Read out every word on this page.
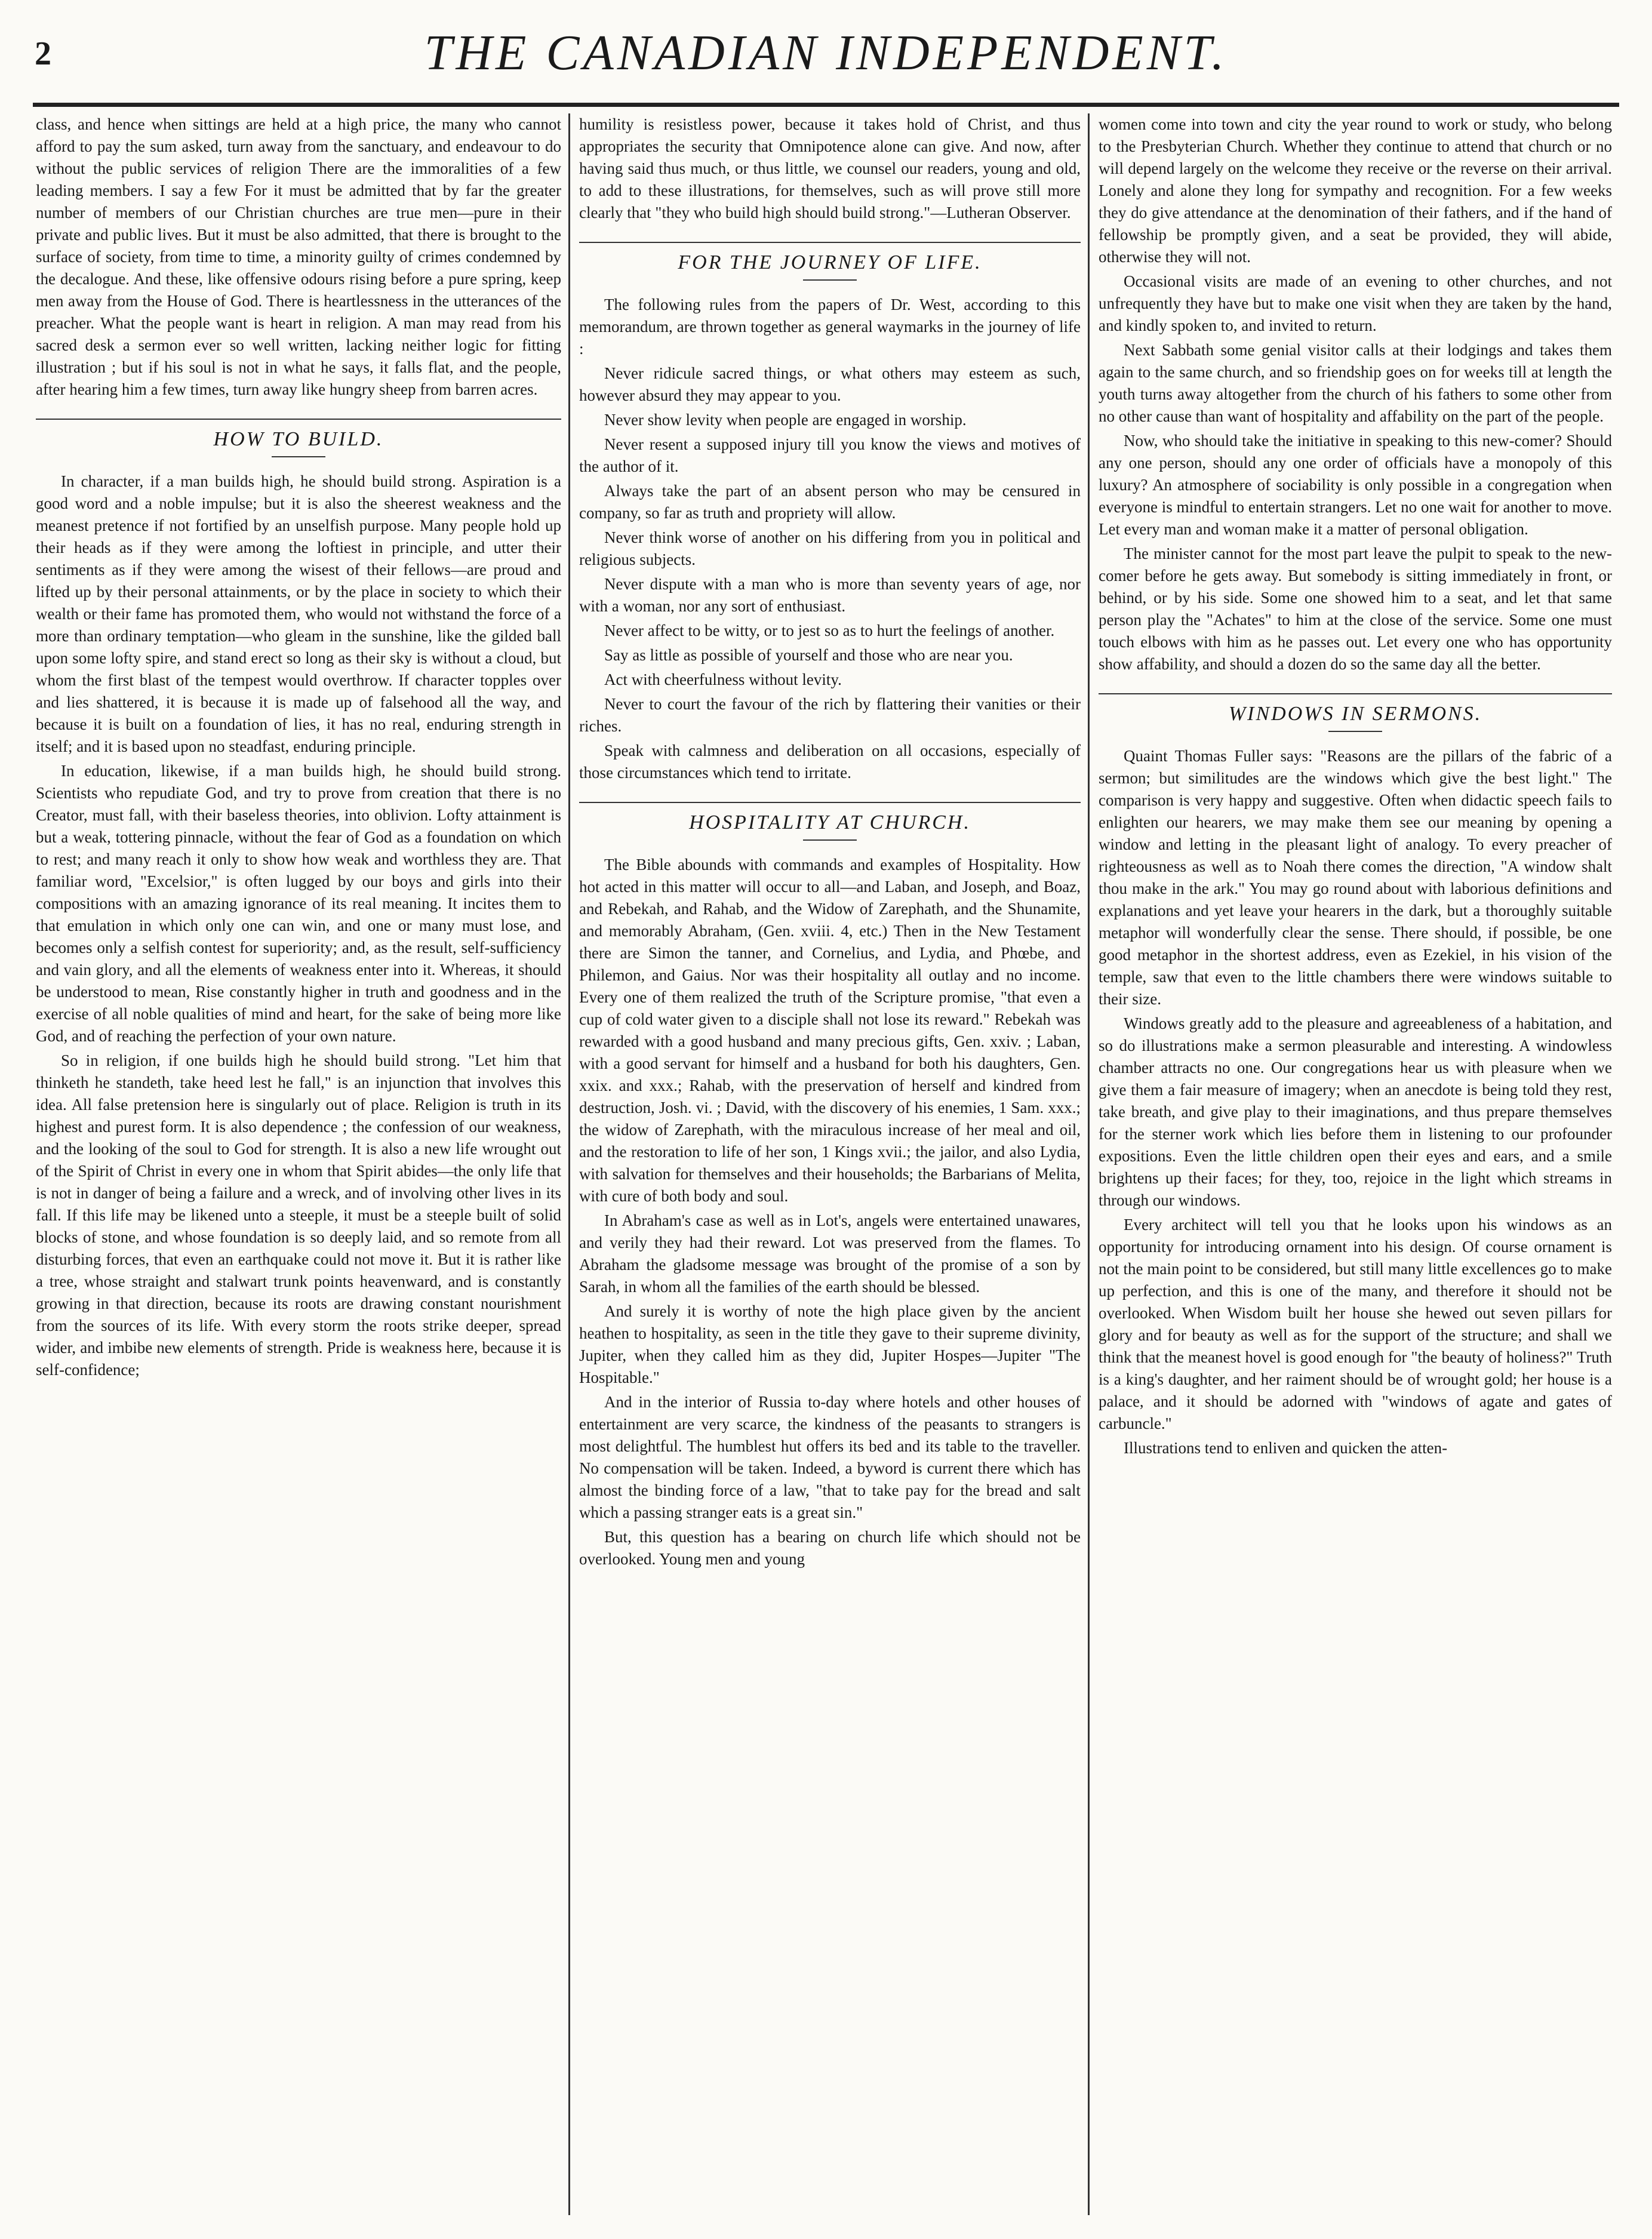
2	THE CANADIAN INDEPENDENT.

class, and hence when sittings are held at a high price, the many who cannot afford to pay the sum asked, turn away from the sanctuary, and endeavour to do without the public services of religion There are the immoralities of a few leading members. I say a few For it must be admitted that by far the greater number of members of our Christian churches are true men—pure in their private and public lives. But it must be also admitted, that there is brought to the surface of society, from time to time, a minority guilty of crimes condemned by the decalogue. And these, like offensive odours rising before a pure spring, keep men away from the House of God. There is heartlessness in the utterances of the preacher. What the people want is heart in religion. A man may read from his sacred desk a sermon ever so well written, lacking neither logic for fitting illustration ; but if his soul is not in what he says, it falls flat, and the people, after hearing him a few times, turn away like hungry sheep from barren acres.

HOW TO BUILD.

In character, if a man builds high, he should build strong. Aspiration is a good word and a noble impulse; but it is also the sheerest weakness and the meanest pretence if not fortified by an unselfish purpose. Many people hold up their heads as if they were among the loftiest in principle, and utter their sentiments as if they were among the wisest of their fellows—are proud and lifted up by their personal attainments, or by the place in society to which their wealth or their fame has promoted them, who would not withstand the force of a more than ordinary temptation—who gleam in the sunshine, like the gilded ball upon some lofty spire, and stand erect so long as their sky is without a cloud, but whom the first blast of the tempest would overthrow. If character topples over and lies shattered, it is because it is made up of falsehood all the way, and because it is built on a foundation of lies, it has no real, enduring strength in itself; and it is based upon no steadfast, enduring principle.

In education, likewise, if a man builds high, he should build strong. Scientists who repudiate God, and try to prove from creation that there is no Creator, must fall, with their baseless theories, into oblivion. Lofty attainment is but a weak, tottering pinnacle, without the fear of God as a foundation on which to rest; and many reach it only to show how weak and worthless they are. That familiar word, "Excelsior," is often lugged by our boys and girls into their compositions with an amazing ignorance of its real meaning. It incites them to that emulation in which only one can win, and one or many must lose, and becomes only a selfish contest for superiority; and, as the result, self-sufficiency and vain glory, and all the elements of weakness enter into it. Whereas, it should be understood to mean, Rise constantly higher in truth and goodness and in the exercise of all noble qualities of mind and heart, for the sake of being more like God, and of reaching the perfection of your own nature.

So in religion, if one builds high he should build strong. "Let him that thinketh he standeth, take heed lest he fall," is an injunction that involves this idea. All false pretension here is singularly out of place. Religion is truth in its highest and purest form. It is also dependence ; the confession of our weakness, and the looking of the soul to God for strength. It is also a new life wrought out of the Spirit of Christ in every one in whom that Spirit abides—the only life that is not in danger of being a failure and a wreck, and of involving other lives in its fall. If this life may be likened unto a steeple, it must be a steeple built of solid blocks of stone, and whose foundation is so deeply laid, and so remote from all disturbing forces, that even an earthquake could not move it. But it is rather like a tree, whose straight and stalwart trunk points heavenward, and is constantly growing in that direction, because its roots are drawing constant nourishment from the sources of its life. With every storm the roots strike deeper, spread wider, and imbibe new elements of strength. Pride is weakness here, because it is self-confidence;

humility is resistless power, because it takes hold of Christ, and thus appropriates the security that Omnipotence alone can give. And now, after having said thus much, or thus little, we counsel our readers, young and old, to add to these illustrations, for themselves, such as will prove still more clearly that "they who build high should build strong."—Lutheran Observer.

FOR THE JOURNEY OF LIFE.

The following rules from the papers of Dr. West, according to this memorandum, are thrown together as general waymarks in the journey of life :

Never ridicule sacred things, or what others may esteem as such, however absurd they may appear to you.

Never show levity when people are engaged in worship.

Never resent a supposed injury till you know the views and motives of the author of it.

Always take the part of an absent person who may be censured in company, so far as truth and propriety will allow.

Never think worse of another on his differing from you in political and religious subjects.

Never dispute with a man who is more than seventy years of age, nor with a woman, nor any sort of enthusiast.

Never affect to be witty, or to jest so as to hurt the feelings of another.

Say as little as possible of yourself and those who are near you.

Act with cheerfulness without levity.

Never to court the favour of the rich by flattering their vanities or their riches.

Speak with calmness and deliberation on all occasions, especially of those circumstances which tend to irritate.

HOSPITALITY AT CHURCH.

The Bible abounds with commands and examples of Hospitality. How hot acted in this matter will occur to all—and Laban, and Joseph, and Boaz, and Rebekah, and Rahab, and the Widow of Zarephath, and the Shunamite, and memorably Abraham, (Gen. xviii. 4, etc.) Then in the New Testament there are Simon the tanner, and Cornelius, and Lydia, and Phœbe, and Philemon, and Gaius. Nor was their hospitality all outlay and no income. Every one of them realized the truth of the Scripture promise, "that even a cup of cold water given to a disciple shall not lose its reward." Rebekah was rewarded with a good husband and many precious gifts, Gen. xxiv. ; Laban, with a good servant for himself and a husband for both his daughters, Gen. xxix. and xxx.; Rahab, with the preservation of herself and kindred from destruction, Josh. vi. ; David, with the discovery of his enemies, 1 Sam. xxx.; the widow of Zarephath, with the miraculous increase of her meal and oil, and the restoration to life of her son, 1 Kings xvii.; the jailor, and also Lydia, with salvation for themselves and their households; the Barbarians of Melita, with cure of both body and soul.

In Abraham's case as well as in Lot's, angels were entertained unawares, and verily they had their reward. Lot was preserved from the flames. To Abraham the gladsome message was brought of the promise of a son by Sarah, in whom all the families of the earth should be blessed.

And surely it is worthy of note the high place given by the ancient heathen to hospitality, as seen in the title they gave to their supreme divinity, Jupiter, when they called him as they did, Jupiter Hospes—Jupiter "The Hospitable."

And in the interior of Russia to-day where hotels and other houses of entertainment are very scarce, the kindness of the peasants to strangers is most delightful. The humblest hut offers its bed and its table to the traveller. No compensation will be taken. Indeed, a byword is current there which has almost the binding force of a law, "that to take pay for the bread and salt which a passing stranger eats is a great sin."

But, this question has a bearing on church life which should not be overlooked. Young men and young

women come into town and city the year round to work or study, who belong to the Presbyterian Church. Whether they continue to attend that church or no will depend largely on the welcome they receive or the reverse on their arrival. Lonely and alone they long for sympathy and recognition. For a few weeks they do give attendance at the denomination of their fathers, and if the hand of fellowship be promptly given, and a seat be provided, they will abide, otherwise they will not.

Occasional visits are made of an evening to other churches, and not unfrequently they have but to make one visit when they are taken by the hand, and kindly spoken to, and invited to return.

Next Sabbath some genial visitor calls at their lodgings and takes them again to the same church, and so friendship goes on for weeks till at length the youth turns away altogether from the church of his fathers to some other from no other cause than want of hospitality and affability on the part of the people.

Now, who should take the initiative in speaking to this new-comer? Should any one person, should any one order of officials have a monopoly of this luxury? An atmosphere of sociability is only possible in a congregation when everyone is mindful to entertain strangers. Let no one wait for another to move. Let every man and woman make it a matter of personal obligation.

The minister cannot for the most part leave the pulpit to speak to the new-comer before he gets away. But somebody is sitting immediately in front, or behind, or by his side. Some one showed him to a seat, and let that same person play the "Achates" to him at the close of the service. Some one must touch elbows with him as he passes out. Let every one who has opportunity show affability, and should a dozen do so the same day all the better.

WINDOWS IN SERMONS.

Quaint Thomas Fuller says: "Reasons are the pillars of the fabric of a sermon; but similitudes are the windows which give the best light." The comparison is very happy and suggestive. Often when didactic speech fails to enlighten our hearers, we may make them see our meaning by opening a window and letting in the pleasant light of analogy. To every preacher of righteousness as well as to Noah there comes the direction, "A window shalt thou make in the ark." You may go round about with laborious definitions and explanations and yet leave your hearers in the dark, but a thoroughly suitable metaphor will wonderfully clear the sense. There should, if possible, be one good metaphor in the shortest address, even as Ezekiel, in his vision of the temple, saw that even to the little chambers there were windows suitable to their size.

Windows greatly add to the pleasure and agreeableness of a habitation, and so do illustrations make a sermon pleasurable and interesting. A windowless chamber attracts no one. Our congregations hear us with pleasure when we give them a fair measure of imagery; when an anecdote is being told they rest, take breath, and give play to their imaginations, and thus prepare themselves for the sterner work which lies before them in listening to our profounder expositions. Even the little children open their eyes and ears, and a smile brightens up their faces; for they, too, rejoice in the light which streams in through our windows.

Every architect will tell you that he looks upon his windows as an opportunity for introducing ornament into his design. Of course ornament is not the main point to be considered, but still many little excellences go to make up perfection, and this is one of the many, and therefore it should not be overlooked. When Wisdom built her house she hewed out seven pillars for glory and for beauty as well as for the support of the structure; and shall we think that the meanest hovel is good enough for "the beauty of holiness?" Truth is a king's daughter, and her raiment should be of wrought gold; her house is a palace, and it should be adorned with "windows of agate and gates of carbuncle."

Illustrations tend to enliven and quicken the atten-
